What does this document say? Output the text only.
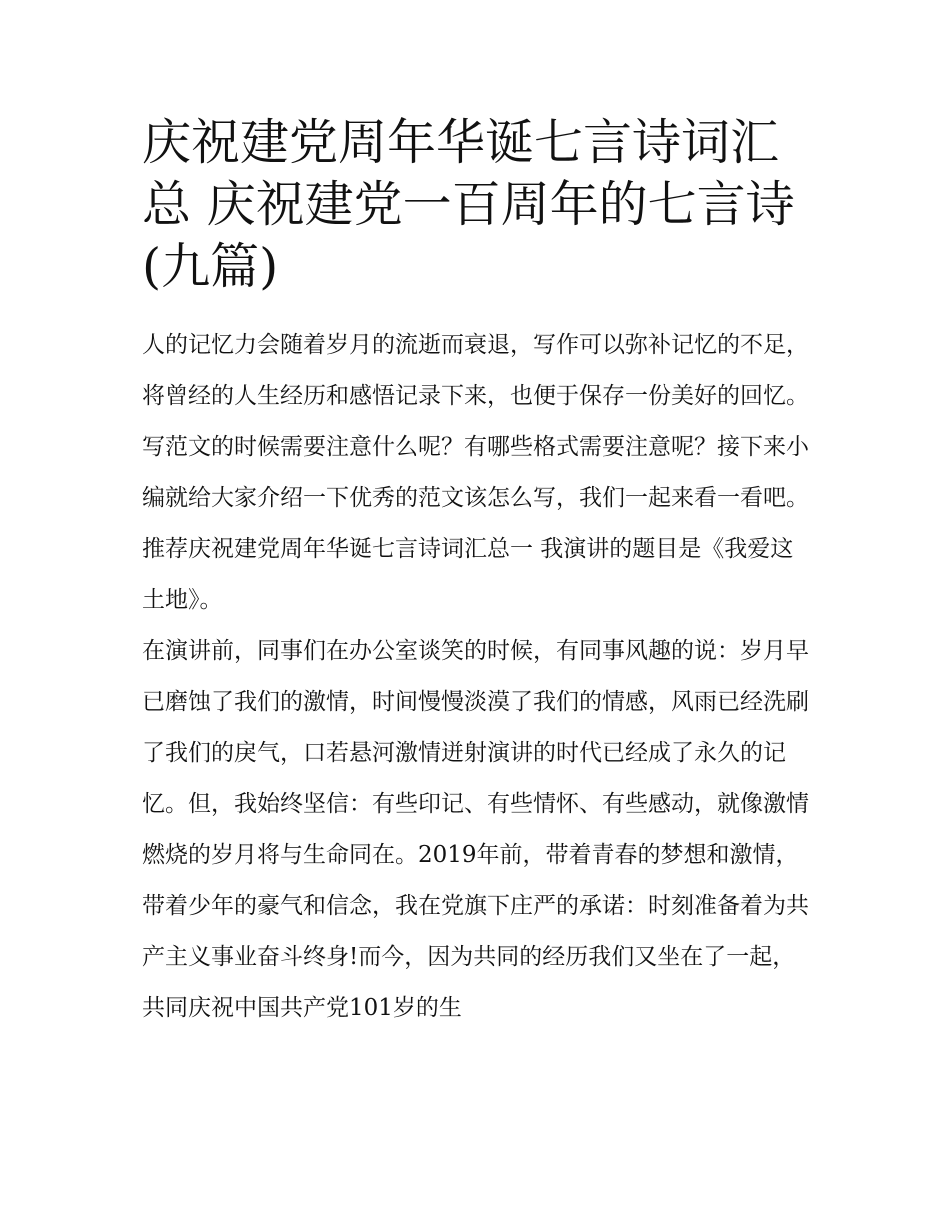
庆祝建党周年华诞七言诗词汇总 庆祝建党一百周年的七言诗(九篇)

人的记忆力会随着岁月的流逝而衰退，写作可以弥补记忆的不足，将曾经的人生经历和感悟记录下来，也便于保存一份美好的回忆。写范文的时候需要注意什么呢？有哪些格式需要注意呢？接下来小编就给大家介绍一下优秀的范文该怎么写，我们一起来看一看吧。

推荐庆祝建党周年华诞七言诗词汇总一 我演讲的题目是《我爱这土地》。

在演讲前，同事们在办公室谈笑的时候，有同事风趣的说：岁月早已磨蚀了我们的激情，时间慢慢淡漠了我们的情感，风雨已经洗刷了我们的戾气，口若悬河激情迸射演讲的时代已经成了永久的记忆。但，我始终坚信：有些印记、有些情怀、有些感动，就像激情燃烧的岁月将与生命同在。2019年前，带着青春的梦想和激情，带着少年的豪气和信念，我在党旗下庄严的承诺：时刻准备着为共产主义事业奋斗终身!而今，因为共同的经历我们又坐在了一起，共同庆祝中国共产党101岁的生
